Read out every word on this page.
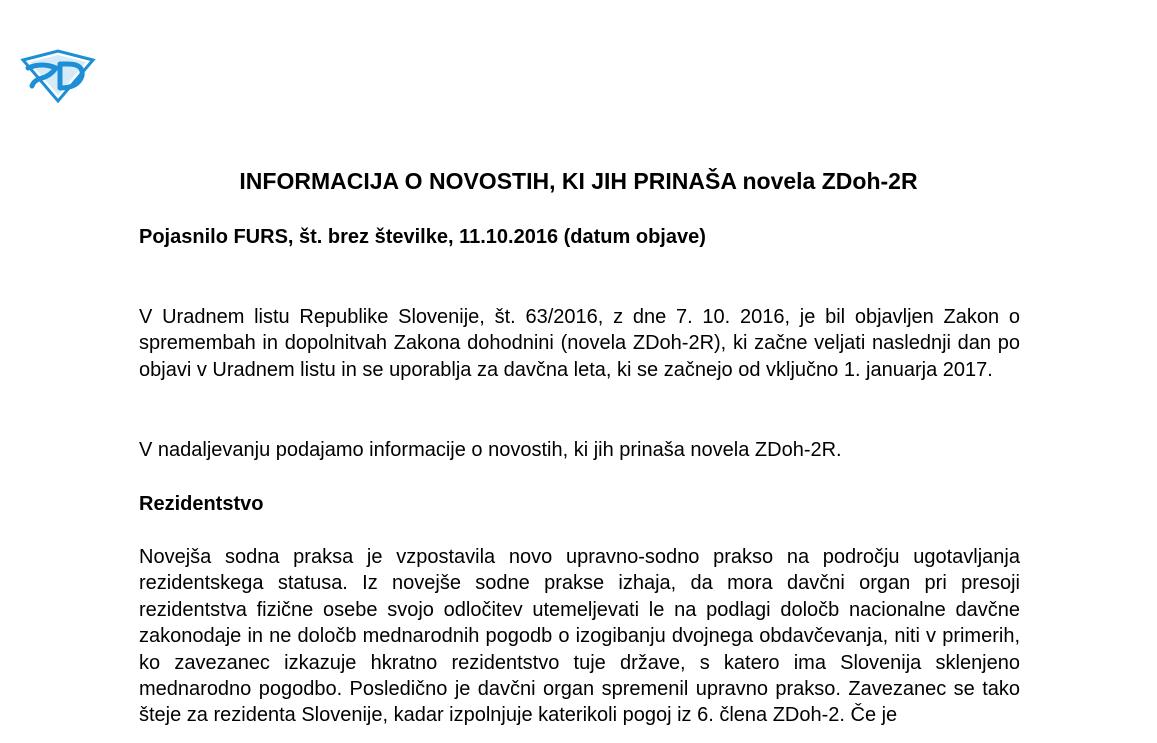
INFORMACIJA O NOVOSTIH, KI JIH PRINAŠA novela ZDoh-2R
Pojasnilo FURS, št. brez številke, 11.10.2016 (datum objave)

V Uradnem listu Republike Slovenije, št. 63/2016, z dne 7. 10. 2016, je bil objavljen Zakon o spremembah in dopolnitvah Zakona dohodnini (novela ZDoh-2R), ki začne veljati naslednji dan po objavi v Uradnem listu in se uporablja za davčna leta, ki se začnejo od vključno 1. januarja 2017.

V nadaljevanju podajamo informacije o novostih, ki jih prinaša novela ZDoh-2R.

Rezidentstvo

Novejša sodna praksa je vzpostavila novo upravno-sodno prakso na področju ugotavljanja rezidentskega statusa. Iz novejše sodne prakse izhaja, da mora davčni organ pri presoji rezidentstva fizične osebe svojo odločitev utemeljevati le na podlagi določb nacionalne davčne zakonodaje in ne določb mednarodnih pogodb o izogibanju dvojnega obdavčevanja, niti v primerih, ko zavezanec izkazuje hkratno rezidentstvo tuje države, s katero ima Slovenija sklenjeno mednarodno pogodbo. Posledično je davčni organ spremenil upravno prakso. Zavezanec se tako šteje za rezidenta Slovenije, kadar izpolnjuje katerikoli pogoj iz 6. člena ZDoh-2. Če je
